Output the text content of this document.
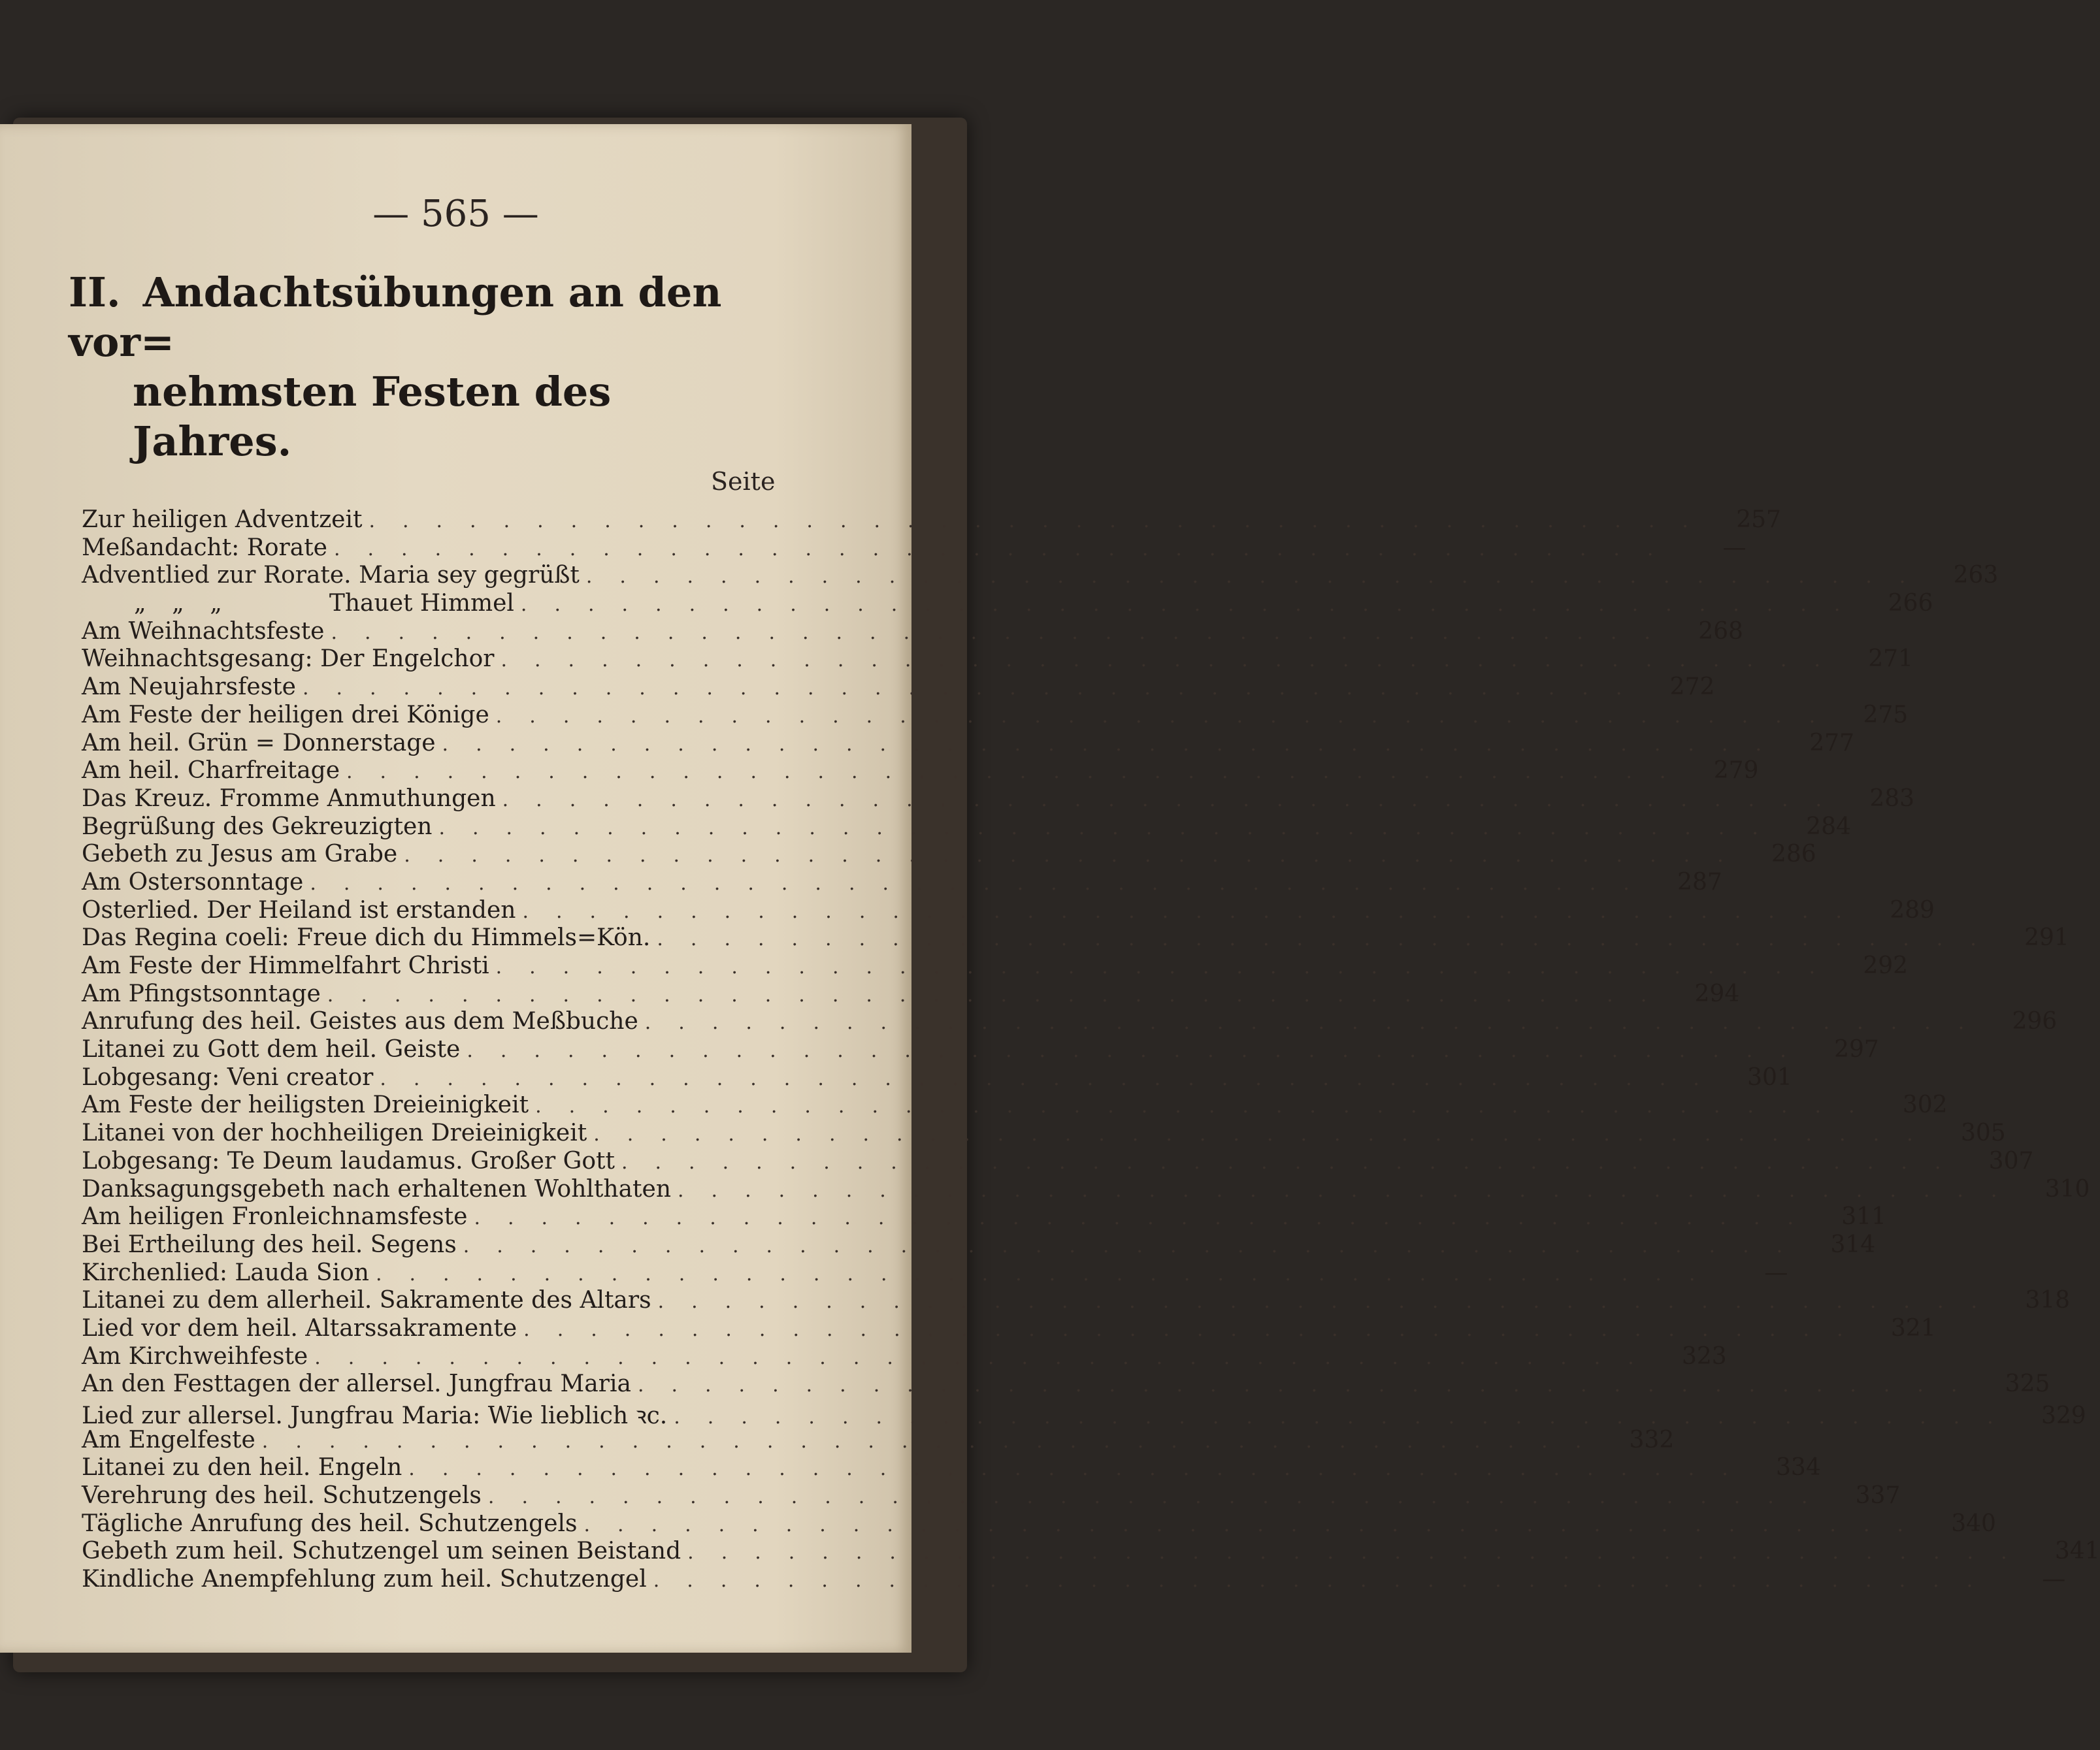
— 565 —
II. Andachtsübungen an den vor=
nehmsten Festen des Jahres.
Seite
Zur heiligen Adventzeit .....	257
Meßandacht: Rorate .....	—
Adventlied zur Rorate. Maria sey gegrüßt .....	263
„ „ „	Thauet Himmel .....	266
Am Weihnachtsfeste .....	268
Weihnachtsgesang: Der Engelchor .....	271
Am Neujahrsfeste .....	272
Am Feste der heiligen drei Könige .....	275
Am heil. Grün = Donnerstage .....	277
Am heil. Charfreitage .....	279
Das Kreuz. Fromme Anmuthungen .....	283
Begrüßung des Gekreuzigten .....	284
Gebeth zu Jesus am Grabe .....	286
Am Ostersonntage .....	287
Osterlied. Der Heiland ist erstanden .....	289
Das Regina coeli: Freue dich du Himmels=Kön. .....	291
Am Feste der Himmelfahrt Christi .....	292
Am Pfingstsonntage .....	294
Anrufung des heil. Geistes aus dem Meßbuche .....	296
Litanei zu Gott dem heil. Geiste .....	297
Lobgesang: Veni creator .....	301
Am Feste der heiligsten Dreieinigkeit .....	302
Litanei von der hochheiligen Dreieinigkeit .....	305
Lobgesang: Te Deum laudamus. Großer Gott .....	307
Danksagungsgebeth nach erhaltenen Wohlthaten .....	310
Am heiligen Fronleichnamsfeste .....	311
Bei Ertheilung des heil. Segens .....	314
Kirchenlied: Lauda Sion .....	—
Litanei zu dem allerheil. Sakramente des Altars .....	318
Lied vor dem heil. Altarssakramente .....	321
Am Kirchweihfeste .....	323
An den Festtagen der allersel. Jungfrau Maria .....	325
Lied zur allersel. Jungfrau Maria: Wie lieblich ꝛc. .....	329
Am Engelfeste .....	332
Litanei zu den heil. Engeln .....	334
Verehrung des heil. Schutzengels .....	337
Tägliche Anrufung des heil. Schutzengels .....	340
Gebeth zum heil. Schutzengel um seinen Beistand .....	341
Kindliche Anempfehlung zum heil. Schutzengel .....	—
